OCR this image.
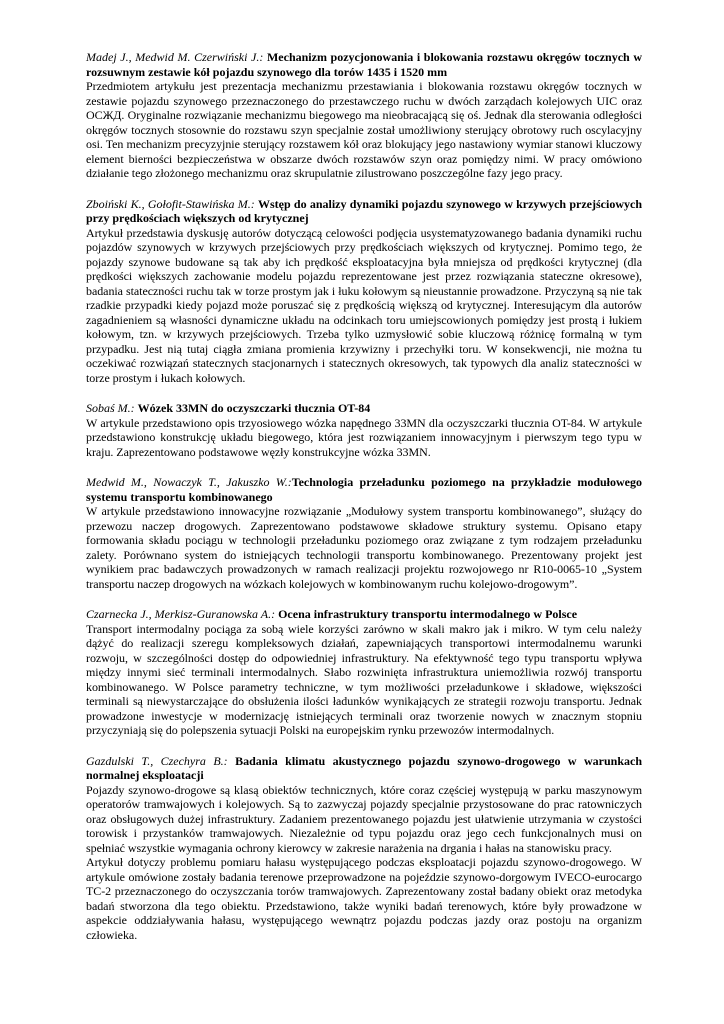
Madej J., Medwid M. Czerwiński J.: Mechanizm pozycjonowania i blokowania rozstawu okręgów tocznych w rozsuwnym zestawie kół pojazdu szynowego dla torów 1435 i 1520 mm

Przedmiotem artykułu jest prezentacja mechanizmu przestawiania i blokowania rozstawu okręgów tocznych w zestawie pojazdu szynowego przeznaczonego do przestawczego ruchu w dwóch zarządach kolejowych UIC oraz OСЖД. Oryginalne rozwiązanie mechanizmu biegowego ma nieobracającą się oś. Jednak dla sterowania odległości okręgów tocznych stosownie do rozstawu szyn specjalnie został umożliwiony sterujący obrotowy ruch oscylacyjny osi. Ten mechanizm precyzyjnie sterujący rozstawem kół oraz blokujący jego nastawiony wymiar stanowi kluczowy element bierności bezpieczeństwa w obszarze dwóch rozstawów szyn oraz pomiędzy nimi. W pracy omówiono działanie tego złożonego mechanizmu oraz skrupulatnie zilustrowano poszczególne fazy jego pracy.

Zboiński K., Gołofit-Stawińska M.: Wstęp do analizy dynamiki pojazdu szynowego w krzywych przejściowych przy prędkościach większych od krytycznej

Artykuł przedstawia dyskusję autorów dotyczącą celowości podjęcia usystematyzowanego badania dynamiki ruchu pojazdów szynowych w krzywych przejściowych przy prędkościach większych od krytycznej. Pomimo tego, że pojazdy szynowe budowane są tak aby ich prędkość eksploatacyjna była mniejsza od prędkości krytycznej (dla prędkości większych zachowanie modelu pojazdu reprezentowane jest przez rozwiązania stateczne okresowe), badania stateczności ruchu tak w torze prostym jak i łuku kołowym są nieustannie prowadzone. Przyczyną są nie tak rzadkie przypadki kiedy pojazd może poruszać się z prędkością większą od krytycznej. Interesującym dla autorów zagadnieniem są własności dynamiczne układu na odcinkach toru umiejscowionych pomiędzy jest prostą i łukiem kołowym, tzn. w krzywych przejściowych. Trzeba tylko uzmysłowić sobie kluczową różnicę formalną w tym przypadku. Jest nią tutaj ciągła zmiana promienia krzywizny i przechyłki toru. W konsekwencji, nie można tu oczekiwać rozwiązań statecznych stacjonarnych i statecznych okresowych, tak typowych dla analiz stateczności w torze prostym i łukach kołowych.

Sobaś M.: Wózek 33MN do oczyszczarki tłucznia OT-84

W artykule przedstawiono opis trzyosiowego wózka napędnego 33MN dla oczyszczarki tłucznia OT-84. W artykule przedstawiono konstrukcję układu biegowego, która jest rozwiązaniem innowacyjnym i pierwszym tego typu w kraju. Zaprezentowano podstawowe węzły konstrukcyjne wózka 33MN.

Medwid M., Nowaczyk T., Jakuszko W.:Technologia przeładunku poziomego na przykładzie modułowego systemu transportu kombinowanego

W artykule przedstawiono innowacyjne rozwiązanie „Modułowy system transportu kombinowanego”, służący do przewozu naczep drogowych. Zaprezentowano podstawowe składowe struktury systemu. Opisano etapy formowania składu pociągu w technologii przeładunku poziomego oraz związane z tym rodzajem przeładunku zalety. Porównano system do istniejących technologii transportu kombinowanego. Prezentowany projekt jest wynikiem prac badawczych prowadzonych w ramach realizacji projektu rozwojowego nr R10-0065-10 „System transportu naczep drogowych na wózkach kolejowych w kombinowanym ruchu kolejowo-drogowym”.

Czarnecka J., Merkisz-Guranowska A.: Ocena infrastruktury transportu intermodalnego w Polsce

Transport intermodalny pociąga za sobą wiele korzyści zarówno w skali makro jak i mikro. W tym celu należy dążyć do realizacji szeregu kompleksowych działań, zapewniających transportowi intermodalnemu warunki rozwoju, w szczególności dostęp do odpowiedniej infrastruktury. Na efektywność tego typu transportu wpływa między innymi sieć terminali intermodalnych. Słabo rozwinięta infrastruktura uniemożliwia rozwój transportu kombinowanego. W Polsce parametry techniczne, w tym możliwości przeładunkowe i składowe, większości terminali są niewystarczające do obsłużenia ilości ładunków wynikających ze strategii rozwoju transportu. Jednak prowadzone inwestycje w modernizację istniejących terminali oraz tworzenie nowych w znacznym stopniu przyczyniają się do polepszenia sytuacji Polski na europejskim rynku przewozów intermodalnych.

Gazdulski T., Czechyra B.: Badania klimatu akustycznego pojazdu szynowo-drogowego w warunkach normalnej eksploatacji

Pojazdy szynowo-drogowe są klasą obiektów technicznych, które coraz częściej występują w parku maszynowym operatorów tramwajowych i kolejowych. Są to zazwyczaj pojazdy specjalnie przystosowane do prac ratowniczych oraz obsługowych dużej infrastruktury. Zadaniem prezentowanego pojazdu jest ułatwienie utrzymania w czystości torowisk i przystanków tramwajowych. Niezależnie od typu pojazdu oraz jego cech funkcjonalnych musi on spełniać wszystkie wymagania ochrony kierowcy w zakresie narażenia na drgania i hałas na stanowisku pracy.

Artykuł dotyczy problemu pomiaru hałasu występującego podczas eksploatacji pojazdu szynowo-drogowego. W artykule omówione zostały badania terenowe przeprowadzone na pojeździe szynowo-dorgowym IVECO-eurocargo TC-2 przeznaczonego do oczyszczania torów tramwajowych. Zaprezentowany został badany obiekt oraz metodyka badań stworzona dla tego obiektu. Przedstawiono, także wyniki badań terenowych, które były prowadzone w aspekcie oddziaływania hałasu, występującego wewnątrz pojazdu podczas jazdy oraz postoju na organizm człowieka.
